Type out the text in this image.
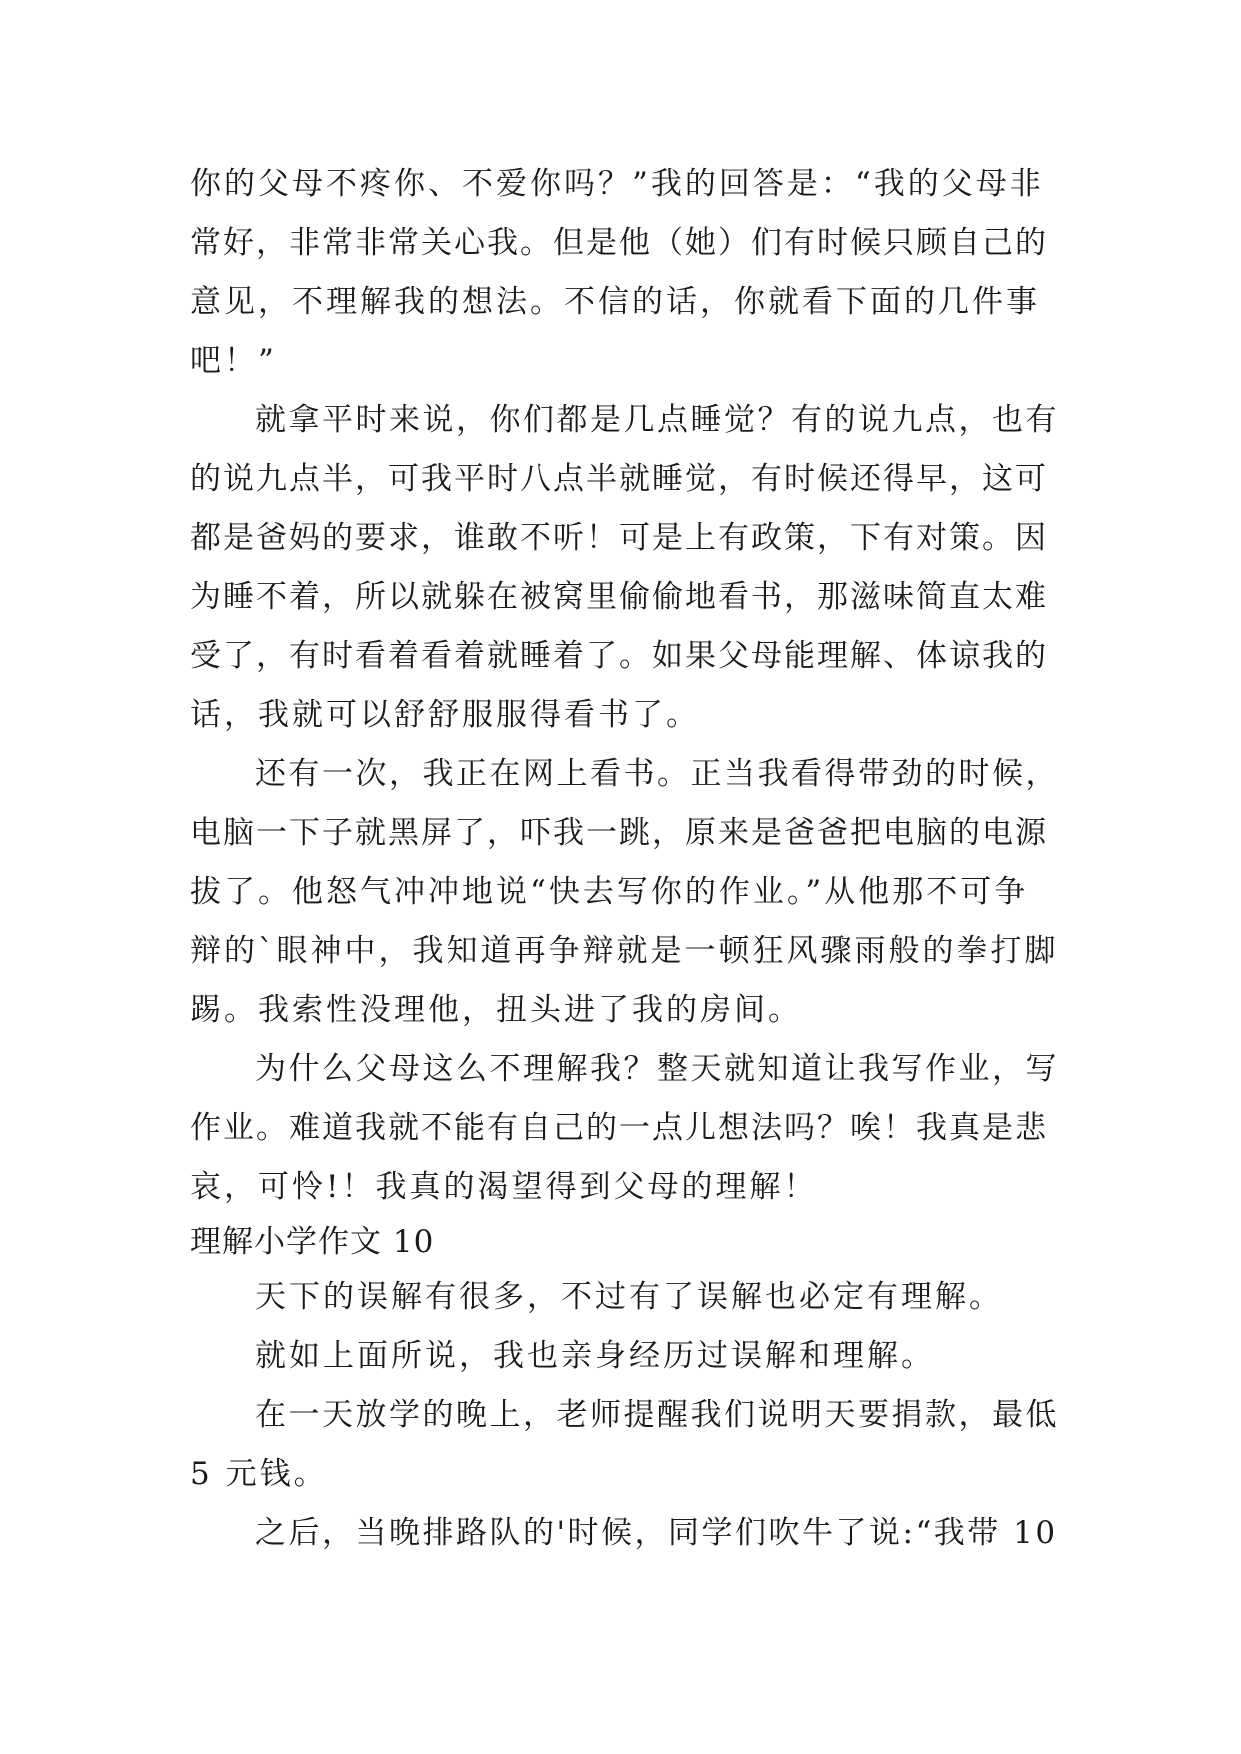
你的父母不疼你、不爱你吗？”我的回答是：“我的父母非
常好，非常非常关心我。但是他（她）们有时候只顾自己的
意见，不理解我的想法。不信的话，你就看下面的几件事
吧！”
就拿平时来说，你们都是几点睡觉？有的说九点，也有
的说九点半，可我平时八点半就睡觉，有时候还得早，这可
都是爸妈的要求，谁敢不听！可是上有政策，下有对策。因
为睡不着，所以就躲在被窝里偷偷地看书，那滋味简直太难
受了，有时看着看着就睡着了。如果父母能理解、体谅我的
话，我就可以舒舒服服得看书了。
还有一次，我正在网上看书。正当我看得带劲的时候，
电脑一下子就黑屏了，吓我一跳，原来是爸爸把电脑的电源
拔了。他怒气冲冲地说“快去写你的作业。”从他那不可争
辩的`眼神中，我知道再争辩就是一顿狂风骤雨般的拳打脚
踢。我索性没理他，扭头进了我的房间。
为什么父母这么不理解我？整天就知道让我写作业，写
作业。难道我就不能有自己的一点儿想法吗？唉！我真是悲
哀，可怜!！我真的渴望得到父母的理解！
理解小学作文 10
天下的误解有很多，不过有了误解也必定有理解。
就如上面所说，我也亲身经历过误解和理解。
在一天放学的晚上，老师提醒我们说明天要捐款，最低
5 元钱。
之后，当晚排路队的'时候，同学们吹牛了说:“我带 10
